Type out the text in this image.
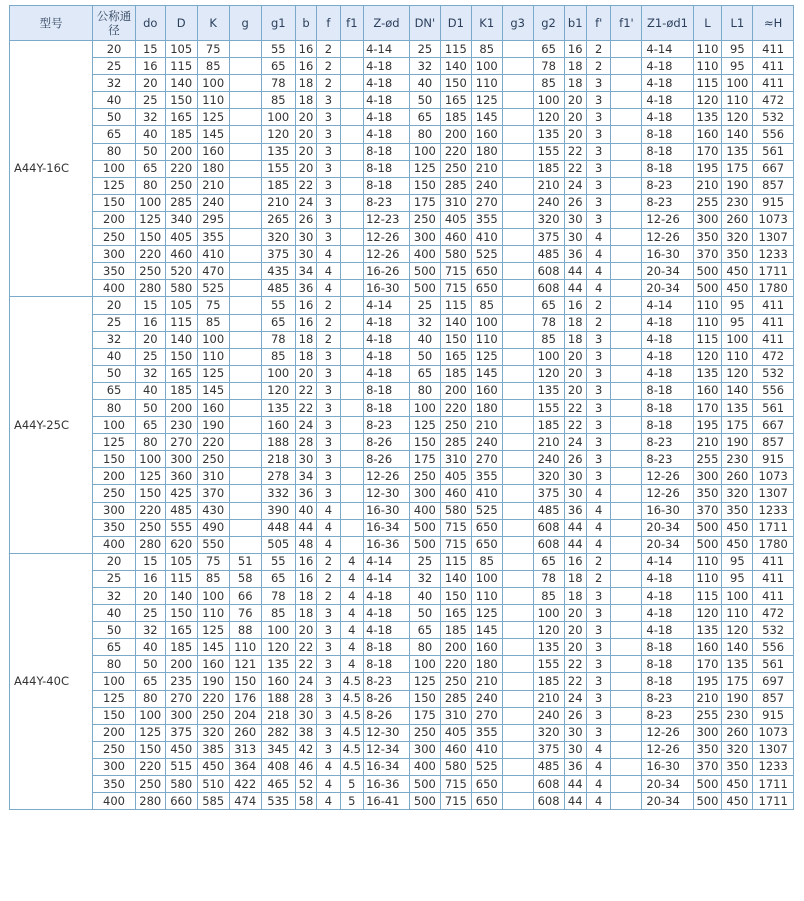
型号	公称通径	do	D	K	g	g1	b	f	f1	Z-ød	DN'	D1	K1	g3	g2	b1	f'	f1'	Z1-ød1	L	L1	≈H
A44Y-16C	20	15	105	75		55	16	2		4-14	25	115	85		65	16	2		4-14	110	95	411
	25	16	115	85		65	16	2		4-18	32	140	100		78	18	2		4-18	110	95	411
	32	20	140	100		78	18	2		4-18	40	150	110		85	18	3		4-18	115	100	411
	40	25	150	110		85	18	3		4-18	50	165	125		100	20	3		4-18	120	110	472
	50	32	165	125		100	20	3		4-18	65	185	145		120	20	3		4-18	135	120	532
	65	40	185	145		120	20	3		4-18	80	200	160		135	20	3		8-18	160	140	556
	80	50	200	160		135	20	3		8-18	100	220	180		155	22	3		8-18	170	135	561
	100	65	220	180		155	20	3		8-18	125	250	210		185	22	3		8-18	195	175	667
	125	80	250	210		185	22	3		8-18	150	285	240		210	24	3		8-23	210	190	857
	150	100	285	240		210	24	3		8-23	175	310	270		240	26	3		8-23	255	230	915
	200	125	340	295		265	26	3		12-23	250	405	355		320	30	3		12-26	300	260	1073
	250	150	405	355		320	30	3		12-26	300	460	410		375	30	4		12-26	350	320	1307
	300	220	460	410		375	30	4		12-26	400	580	525		485	36	4		16-30	370	350	1233
	350	250	520	470		435	34	4		16-26	500	715	650		608	44	4		20-34	500	450	1711
	400	280	580	525		485	36	4		16-30	500	715	650		608	44	4		20-34	500	450	1780
A44Y-25C	20	15	105	75		55	16	2		4-14	25	115	85		65	16	2		4-14	110	95	411
	25	16	115	85		65	16	2		4-18	32	140	100		78	18	2		4-18	110	95	411
	32	20	140	100		78	18	2		4-18	40	150	110		85	18	3		4-18	115	100	411
	40	25	150	110		85	18	3		4-18	50	165	125		100	20	3		4-18	120	110	472
	50	32	165	125		100	20	3		4-18	65	185	145		120	20	3		4-18	135	120	532
	65	40	185	145		120	22	3		8-18	80	200	160		135	20	3		8-18	160	140	556
	80	50	200	160		135	22	3		8-18	100	220	180		155	22	3		8-18	170	135	561
	100	65	230	190		160	24	3		8-23	125	250	210		185	22	3		8-18	195	175	667
	125	80	270	220		188	28	3		8-26	150	285	240		210	24	3		8-23	210	190	857
	150	100	300	250		218	30	3		8-26	175	310	270		240	26	3		8-23	255	230	915
	200	125	360	310		278	34	3		12-26	250	405	355		320	30	3		12-26	300	260	1073
	250	150	425	370		332	36	3		12-30	300	460	410		375	30	4		12-26	350	320	1307
	300	220	485	430		390	40	4		16-30	400	580	525		485	36	4		16-30	370	350	1233
	350	250	555	490		448	44	4		16-34	500	715	650		608	44	4		20-34	500	450	1711
	400	280	620	550		505	48	4		16-36	500	715	650		608	44	4		20-34	500	450	1780
A44Y-40C	20	15	105	75	51	55	16	2	4	4-14	25	115	85		65	16	2		4-14	110	95	411
	25	16	115	85	58	65	16	2	4	4-14	32	140	100		78	18	2		4-18	110	95	411
	32	20	140	100	66	78	18	2	4	4-18	40	150	110		85	18	3		4-18	115	100	411
	40	25	150	110	76	85	18	3	4	4-18	50	165	125		100	20	3		4-18	120	110	472
	50	32	165	125	88	100	20	3	4	4-18	65	185	145		120	20	3		4-18	135	120	532
	65	40	185	145	110	120	22	3	4	8-18	80	200	160		135	20	3		8-18	160	140	556
	80	50	200	160	121	135	22	3	4	8-18	100	220	180		155	22	3		8-18	170	135	561
	100	65	235	190	150	160	24	3	4.5	8-23	125	250	210		185	22	3		8-18	195	175	697
	125	80	270	220	176	188	28	3	4.5	8-26	150	285	240		210	24	3		8-23	210	190	857
	150	100	300	250	204	218	30	3	4.5	8-26	175	310	270		240	26	3		8-23	255	230	915
	200	125	375	320	260	282	38	3	4.5	12-30	250	405	355		320	30	3		12-26	300	260	1073
	250	150	450	385	313	345	42	3	4.5	12-34	300	460	410		375	30	4		12-26	350	320	1307
	300	220	515	450	364	408	46	4	4.5	16-34	400	580	525		485	36	4		16-30	370	350	1233
	350	250	580	510	422	465	52	4	5	16-36	500	715	650		608	44	4		20-34	500	450	1711
	400	280	660	585	474	535	58	4	5	16-41	500	715	650		608	44	4		20-34	500	450	1711
